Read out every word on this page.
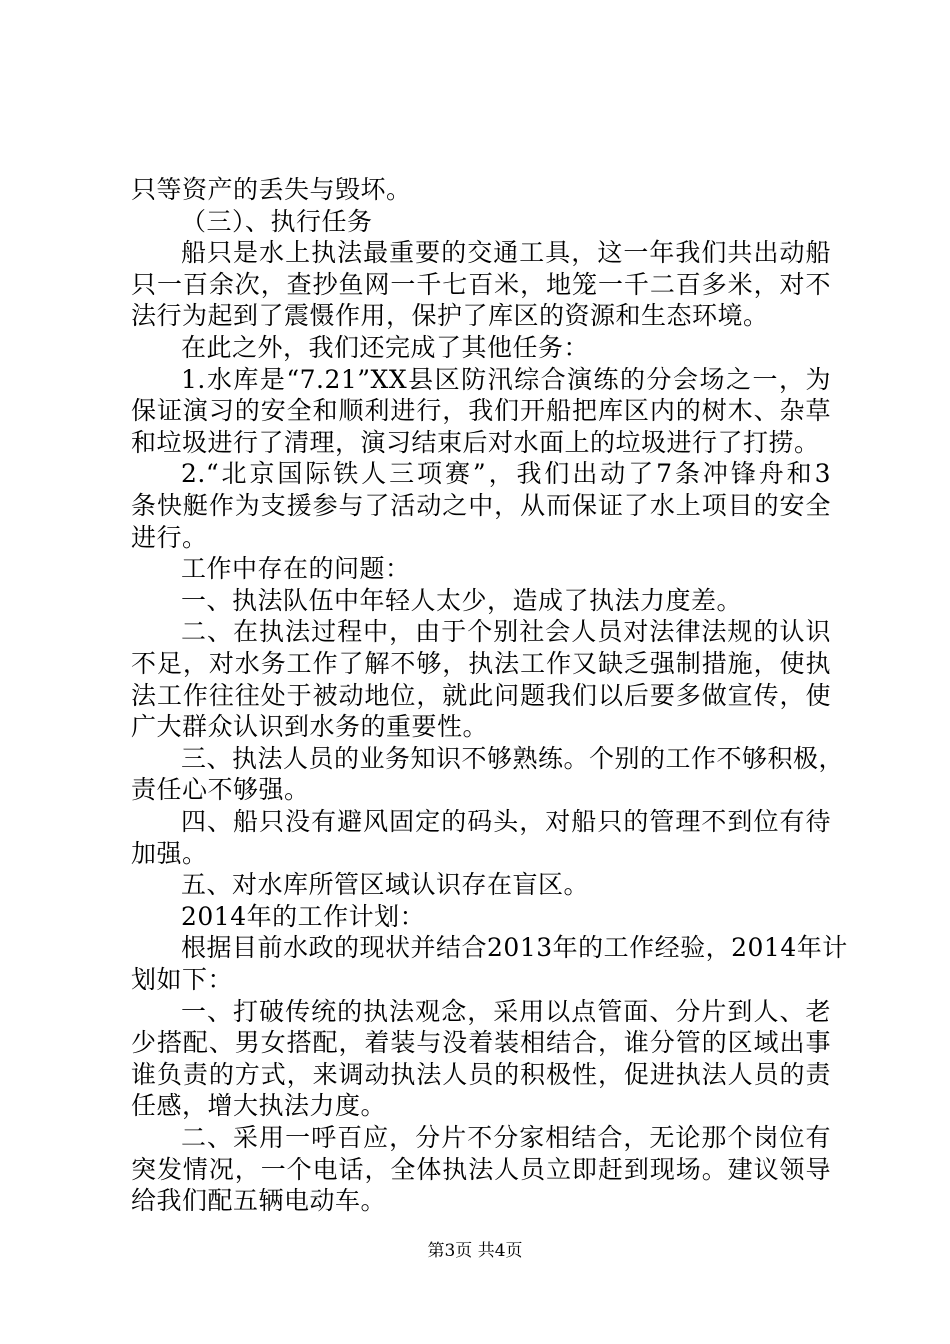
只等资产的丢失与毁坏。
（三）、执行任务
船只是水上执法最重要的交通工具，这一年我们共出动船
只一百余次，查抄鱼网一千七百米，地笼一千二百多米，对不
法行为起到了震慑作用，保护了库区的资源和生态环境。
在此之外，我们还完成了其他任务：
1.水库是“7.21”XX县区防汛综合演练的分会场之一，为
保证演习的安全和顺利进行，我们开船把库区内的树木、杂草
和垃圾进行了清理，演习结束后对水面上的垃圾进行了打捞。
2.“北京国际铁人三项赛”，我们出动了7条冲锋舟和3
条快艇作为支援参与了活动之中，从而保证了水上项目的安全
进行。
工作中存在的问题：
一、执法队伍中年轻人太少，造成了执法力度差。
二、在执法过程中，由于个别社会人员对法律法规的认识
不足，对水务工作了解不够，执法工作又缺乏强制措施，使执
法工作往往处于被动地位，就此问题我们以后要多做宣传，使
广大群众认识到水务的重要性。
三、执法人员的业务知识不够熟练。个别的工作不够积极，
责任心不够强。
四、船只没有避风固定的码头，对船只的管理不到位有待
加强。
五、对水库所管区域认识存在盲区。
2014年的工作计划：
根据目前水政的现状并结合2013年的工作经验，2014年计
划如下：
一、打破传统的执法观念，采用以点管面、分片到人、老
少搭配、男女搭配，着装与没着装相结合，谁分管的区域出事
谁负责的方式，来调动执法人员的积极性，促进执法人员的责
任感，增大执法力度。
二、采用一呼百应，分片不分家相结合，无论那个岗位有
突发情况，一个电话，全体执法人员立即赶到现场。建议领导
给我们配五辆电动车。
第3页 共4页
